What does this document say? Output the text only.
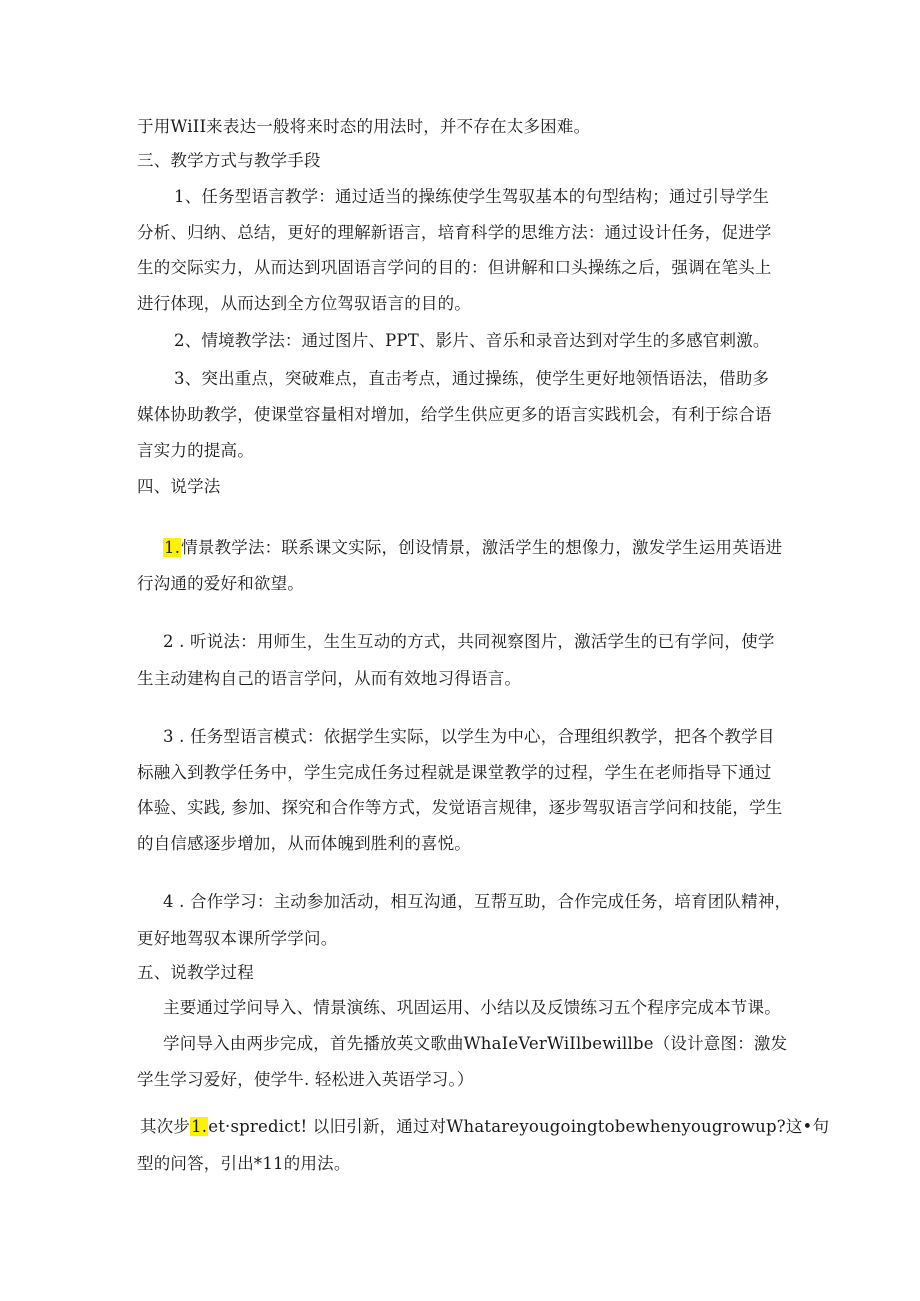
于用WiII来表达一般将来时态的用法时，并不存在太多困难。
三、教学方式与教学手段
1、任务型语言教学：通过适当的操练使学生驾驭基本的句型结构；通过引导学生
分析、归纳、总结，更好的理解新语言，培育科学的思维方法：通过设计任务，促进学
生的交际实力，从而达到巩固语言学问的目的：但讲解和口头操练之后，强调在笔头上
进行体现，从而达到全方位驾驭语言的目的。
2、情境教学法：通过图片、PPT、影片、音乐和录音达到对学生的多感官刺激。
3、突出重点，突破难点，直击考点，通过操练，使学生更好地领悟语法，借助多
媒体协助教学，使课堂容量相对增加，给学生供应更多的语言实践机会，有利于综合语
言实力的提高。
四、说学法
1.情景教学法：联系课文实际，创设情景，激活学生的想像力，激发学生运用英语进
行沟通的爱好和欲望。
2 . 听说法：用师生，生生互动的方式，共同视察图片，激活学生的已有学问，使学
生主动建构自己的语言学问，从而有效地习得语言。
3 . 任务型语言模式：依据学生实际，以学生为中心，合理组织教学，把各个教学目
标融入到教学任务中，学生完成任务过程就是课堂教学的过程，学生在老师指导下通过
体验、实践, 参加、探究和合作等方式，发觉语言规律，逐步驾驭语言学问和技能，学生
的自信感逐步增加，从而体魄到胜利的喜悦。
4 . 合作学习：主动参加活动，相互沟通，互帮互助，合作完成任务，培育团队精神，
更好地驾驭本课所学学问。
五、说教学过程
主要通过学问导入、情景演练、巩固运用、小结以及反馈练习五个程序完成本节课。
学问导入由两步完成，首先播放英文歌曲WhaIeVerWiIlbewillbe（设计意图：激发
学生学习爱好，使学牛. 轻松进入英语学习。）
其次步1.et·spredict! 以旧引新，通过对Whatareyougoingtobewhenyougrowup?这•句
型的问答，引出*11的用法。
